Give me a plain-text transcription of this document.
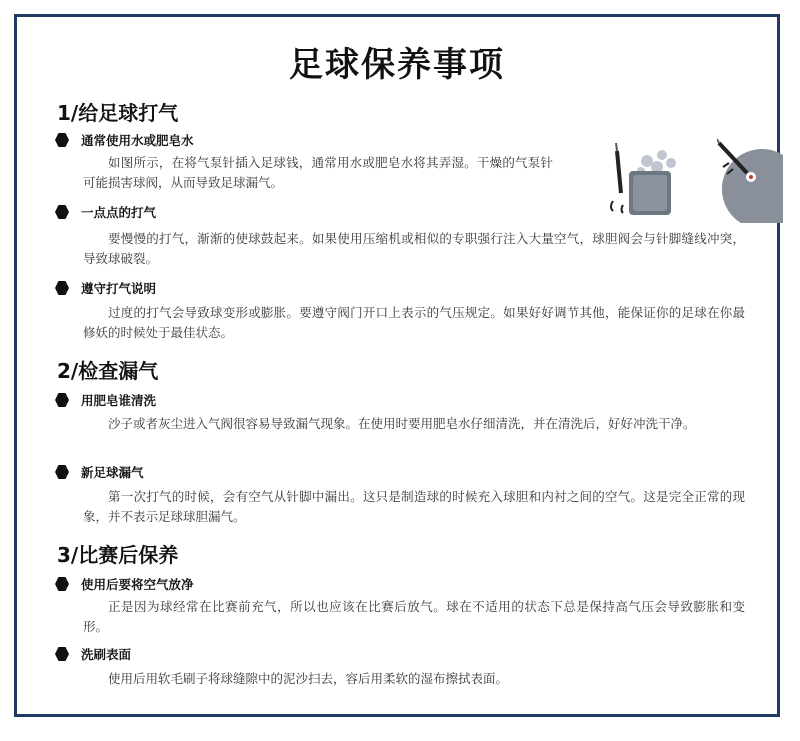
足球保养事项
1/给足球打气
通常使用水或肥皂水
如图所示，在将气泵针插入足球钱，通常用水或肥皂水将其弄湿。干燥的气泵针可能损害球阀，从而导致足球漏气。
一点点的打气
要慢慢的打气，渐渐的使球鼓起来。如果使用压缩机或相似的专职强行注入大量空气，球胆阀会与针脚缝线冲突，导致球破裂。
遵守打气说明
过度的打气会导致球变形或膨胀。要遵守阀门开口上表示的气压规定。如果好好调节其他，能保证你的足球在你最修妖的时候处于最佳状态。
2/检查漏气
用肥皂谁清洗
沙子或者灰尘进入气阀很容易导致漏气现象。在使用时要用肥皂水仔细清洗，并在清洗后，好好冲洗干净。
新足球漏气
第一次打气的时候，会有空气从针脚中漏出。这只是制造球的时候充入球胆和内衬之间的空气。这是完全正常的现象，并不表示足球球胆漏气。
3/比赛后保养
使用后要将空气放净
正是因为球经常在比赛前充气，所以也应该在比赛后放气。球在不适用的状态下总是保持高气压会导致膨胀和变形。
洗刷表面
使用后用软毛刷子将球缝隙中的泥沙扫去，容后用柔软的湿布擦拭表面。
